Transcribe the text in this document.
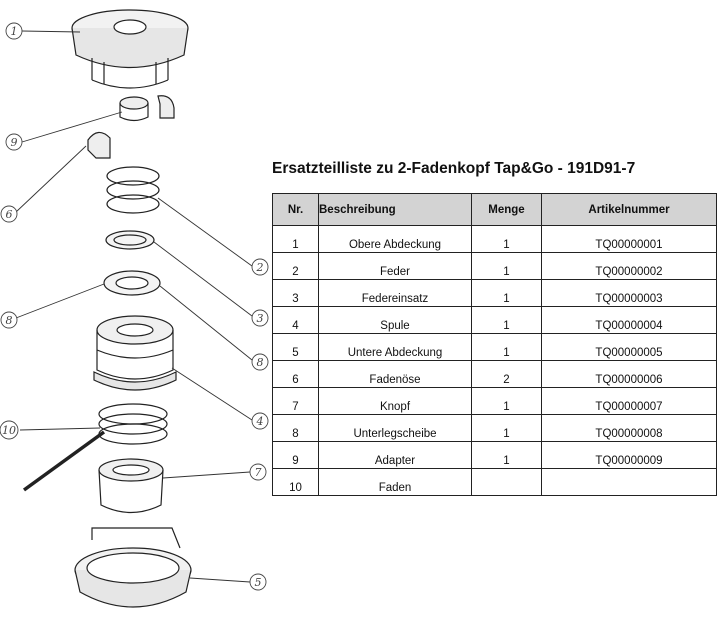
1
9
6
2
3
8
8
4
10
7
5
Ersatzteilliste zu 2-Fadenkopf Tap&Go - 191D91-7
Nr.	Beschreibung	Menge	Artikelnummer
1	Obere Abdeckung	1	TQ00000001
2	Feder	1	TQ00000002
3	Federeinsatz	1	TQ00000003
4	Spule	1	TQ00000004
5	Untere Abdeckung	1	TQ00000005
6	Fadenöse	2	TQ00000006
7	Knopf	1	TQ00000007
8	Unterlegscheibe	1	TQ00000008
9	Adapter	1	TQ00000009
10	Faden		
